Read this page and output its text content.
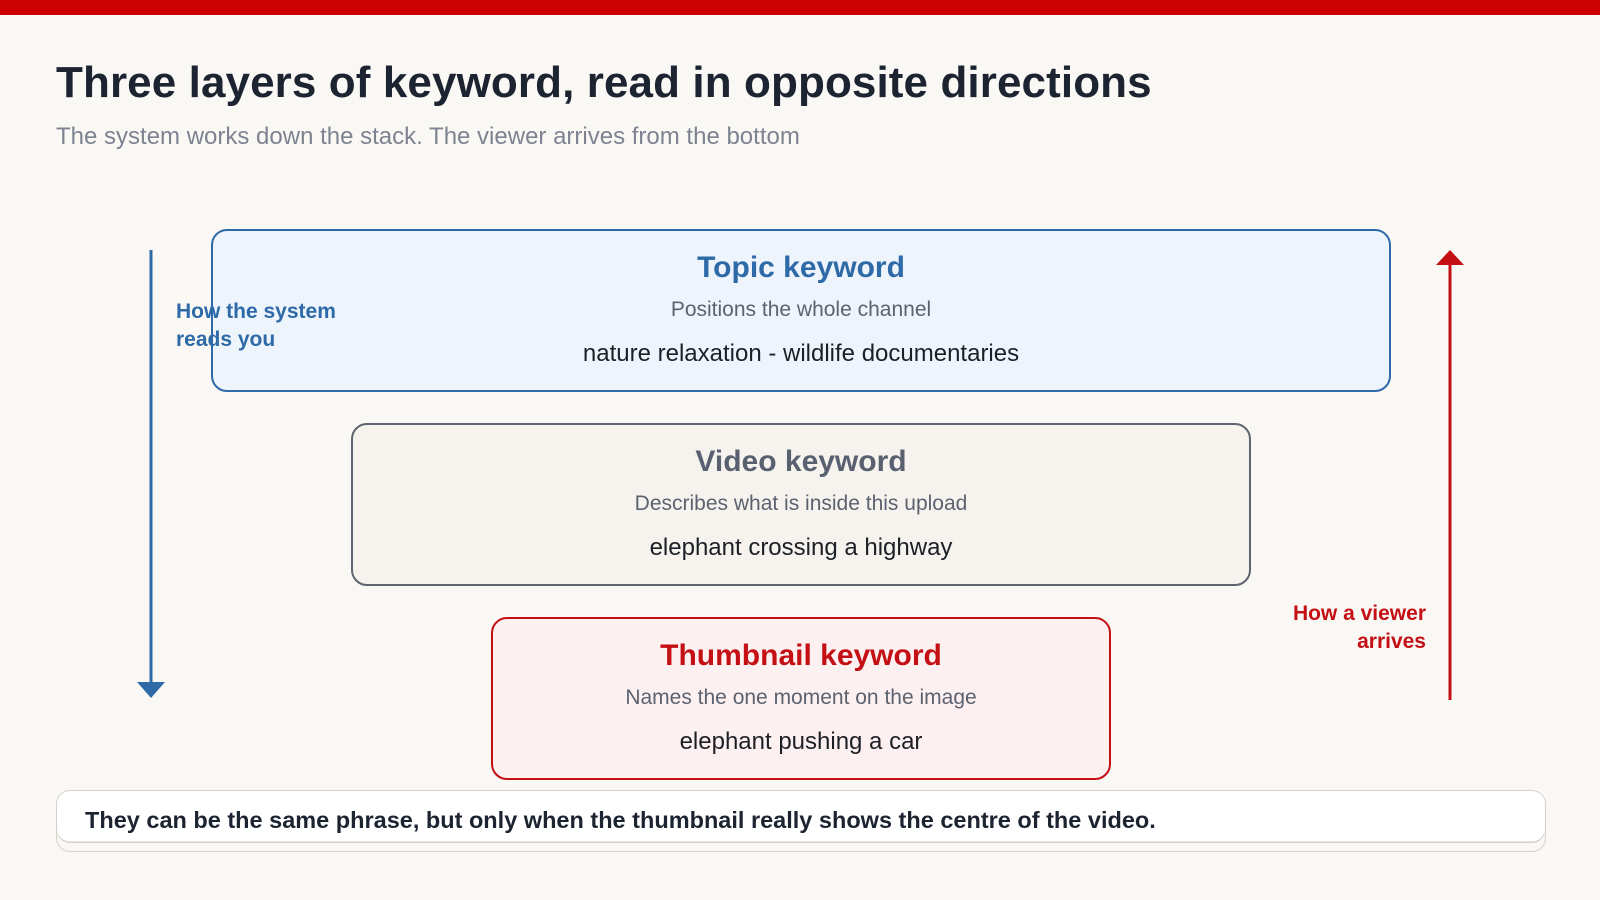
Three layers of keyword, read in opposite directions

The system works down the stack. The viewer arrives from the bottom

Topic keyword
Positions the whole channel
nature relaxation - wildlife documentaries
Video keyword
Describes what is inside this upload
elephant crossing a highway
Thumbnail keyword
Names the one moment on the image
elephant pushing a car
How the system reads you
How a viewer arrives
They can be the same phrase, but only when the thumbnail really shows the centre of the video.
